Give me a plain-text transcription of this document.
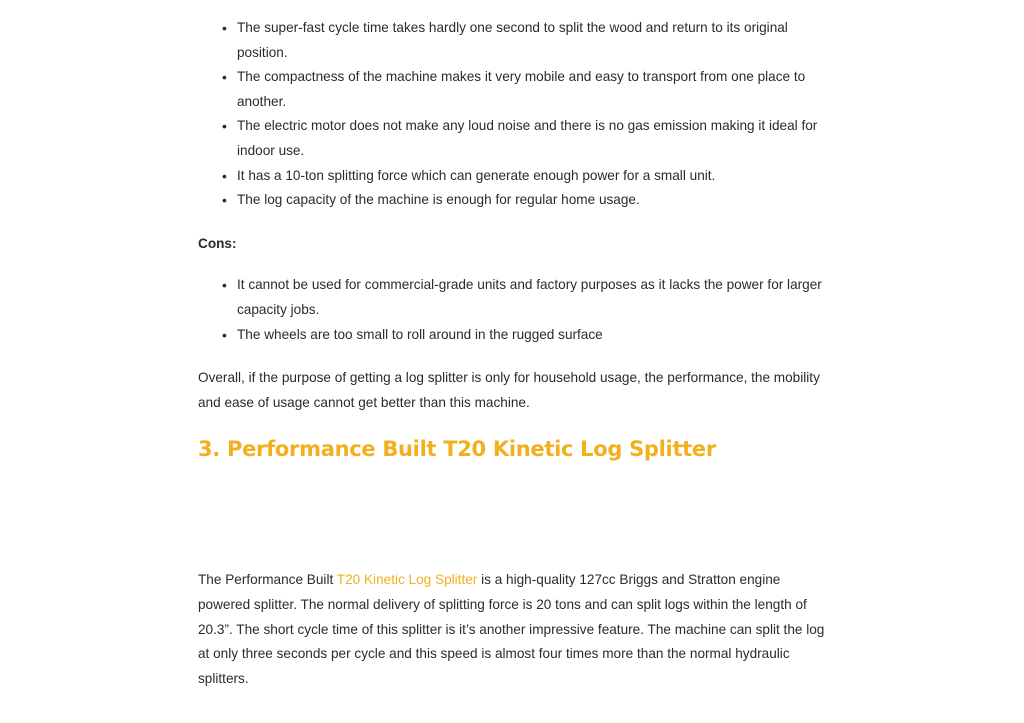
• The super-fast cycle time takes hardly one second to split the wood and return to its original position.
• The compactness of the machine makes it very mobile and easy to transport from one place to another.
• The electric motor does not make any loud noise and there is no gas emission making it ideal for indoor use.
• It has a 10-ton splitting force which can generate enough power for a small unit.
• The log capacity of the machine is enough for regular home usage.

Cons:

• It cannot be used for commercial-grade units and factory purposes as it lacks the power for larger capacity jobs.
• The wheels are too small to roll around in the rugged surface

Overall, if the purpose of getting a log splitter is only for household usage, the performance, the mobility and ease of usage cannot get better than this machine.

3. Performance Built T20 Kinetic Log Splitter

The Performance Built T20 Kinetic Log Splitter is a high-quality 127cc Briggs and Stratton engine powered splitter. The normal delivery of splitting force is 20 tons and can split logs within the length of 20.3”. The short cycle time of this splitter is it’s another impressive feature. The machine can split the log at only three seconds per cycle and this speed is almost four times more than the normal hydraulic splitters.
